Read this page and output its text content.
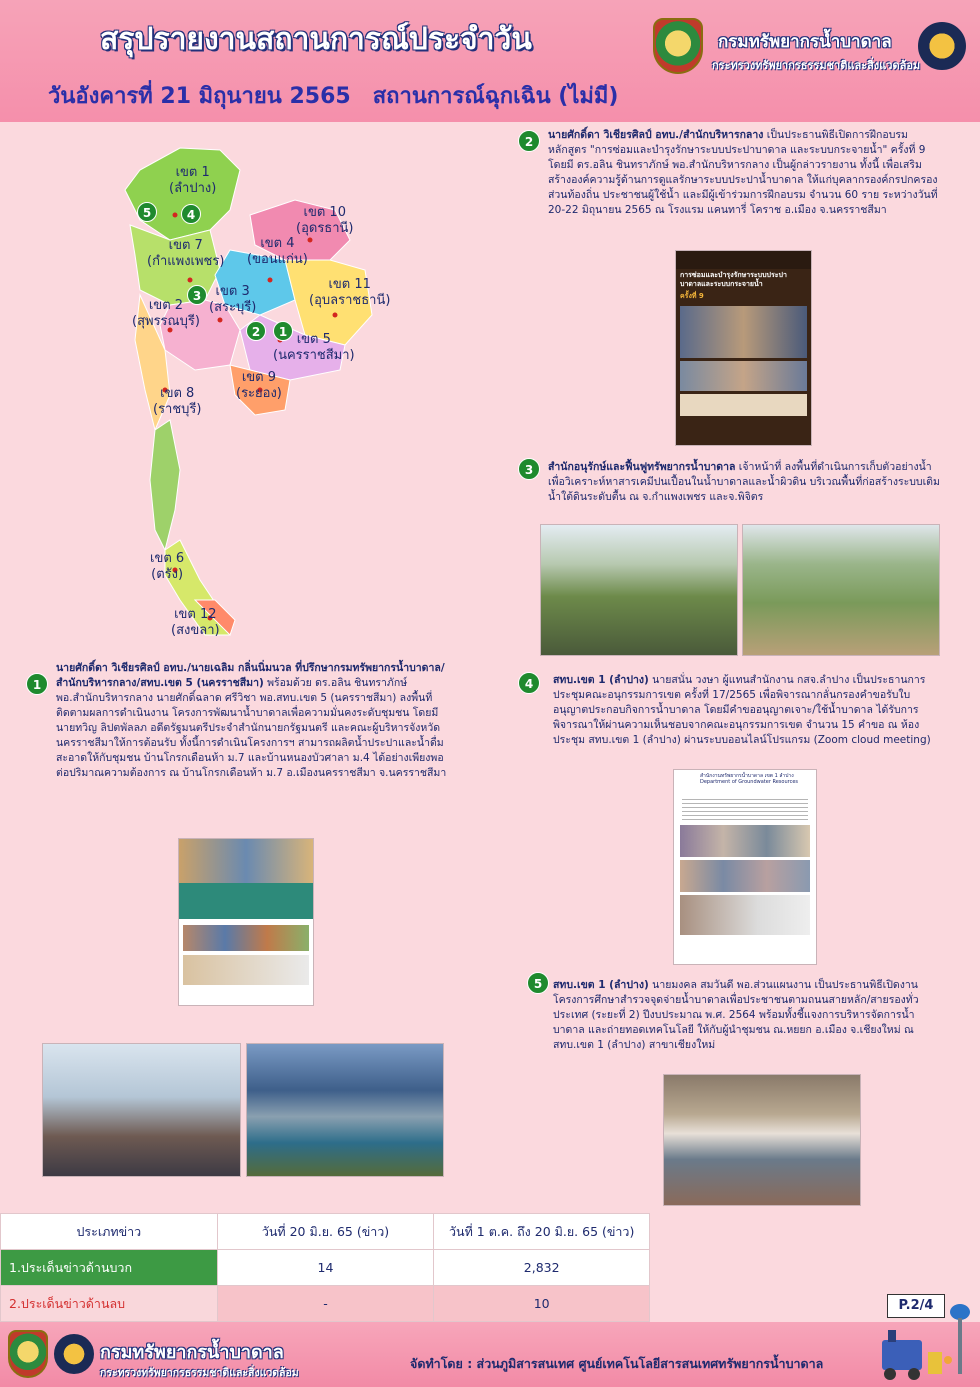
สรุปรายงานสถานการณ์ประจำวัน
วันอังคารที่ 21 มิถุนายน 2565 สถานการณ์ฉุกเฉิน (ไม่มี)
กรมทรัพยากรน้ำบาดาล
กระทรวงทรัพยากรธรรมชาติและสิ่งแวดล้อม
เขต 1
(ลำปาง)
เขต 10
(อุดรธานี)
เขต 7
(กำแพงเพชร)
เขต 4
(ขอนแก่น)
เขต 3
(สระบุรี)
เขต 11
(อุบลราชธานี)
เขต 2
(สุพรรณบุรี)
เขต 5
(นครราชสีมา)
เขต 9
(ระยอง)
เขต 8
(ราชบุรี)
เขต 6
(ตรัง)
เขต 12
(สงขลา)
5	4
3
2	1
1
นายศักดิ์ดา วิเชียรศิลป์ อทบ./นายเฉลิม กลิ่นนิ่มนวล ที่ปรึกษากรมทรัพยากรน้ำบาดาล/สำนักบริหารกลาง/สทบ.เขต 5 (นครราชสีมา) พร้อมด้วย ดร.อลิน ชินทราภักษ์ พอ.สำนักบริหารกลาง นายศักดิ์ฉลาด ศรีวิชา พอ.สทบ.เขต 5 (นครราชสีมา) ลงพื้นที่ ติดตามผลการดำเนินงาน โครงการพัฒนาน้ำบาดาลเพื่อความมั่นคงระดับชุมชน โดยมี นายทวิญ ลิปตพัลลภ อดีตรัฐมนตรีประจำสำนักนายกรัฐมนตรี และคณะผู้บริหารจังหวัดนครราชสีมาให้การต้อนรับ ทั้งนี้การดำเนินโครงการฯ สามารถผลิตน้ำประปาและน้ำดื่มสะอาดให้กับชุมชน บ้านโกรกเดือนห้า ม.7 และบ้านหนองบัวศาลา ม.4 ได้อย่างเพียงพอต่อปริมาณความต้องการ ณ บ้านโกรกเดือนห้า ม.7 อ.เมืองนครราชสีมา จ.นครราชสีมา
2	นายศักดิ์ดา วิเชียรศิลป์ อทบ./สำนักบริหารกลาง เป็นประธานพิธีเปิดการฝึกอบรมหลักสูตร "การซ่อมและบำรุงรักษาระบบประปาบาดาล และระบบกระจายน้ำ" ครั้งที่ 9 โดยมี ดร.อลิน ชินทราภักษ์ พอ.สำนักบริหารกลาง เป็นผู้กล่าวรายงาน ทั้งนี้ เพื่อเสริมสร้างองค์ความรู้ด้านการดูแลรักษาระบบประปาน้ำบาดาล ให้แก่บุคลากรองค์กรปกครองส่วนท้องถิ่น ประชาชนผู้ใช้น้ำ และมีผู้เข้าร่วมการฝึกอบรม จำนวน 60 ราย ระหว่างวันที่ 20-22 มิถุนายน 2565 ณ โรงแรม แคนทารี่ โคราช อ.เมือง จ.นครราชสีมา
การซ่อมและบำรุงรักษาระบบประปาบาดาลและระบบกระจายน้ำ
ครั้งที่ 9
3	สำนักอนุรักษ์และฟื้นฟูทรัพยากรน้ำบาดาล เจ้าหน้าที่ ลงพื้นที่ดำเนินการเก็บตัวอย่างน้ำเพื่อวิเคราะห์หาสารเคมีปนเปื้อนในน้ำบาดาลและน้ำผิวดิน บริเวณพื้นที่ก่อสร้างระบบเติมน้ำใต้ดินระดับตื้น ณ จ.กำแพงเพชร และจ.พิจิตร
4	สทบ.เขต 1 (ลำปาง) นายสนั่น วงษา ผู้แทนสำนักงาน กสจ.ลำปาง เป็นประธานการประชุมคณะอนุกรรมการเขต ครั้งที่ 17/2565 เพื่อพิจารณากลั่นกรองคำขอรับใบอนุญาตประกอบกิจการน้ำบาดาล โดยมีคำขออนุญาตเจาะ/ใช้น้ำบาดาล ได้รับการพิจารณาให้ผ่านความเห็นชอบจากคณะอนุกรรมการเขต จำนวน 15 คำขอ ณ ห้องประชุม สทบ.เขต 1 (ลำปาง) ผ่านระบบออนไลน์โปรแกรม (Zoom cloud meeting)
สำนักงานทรัพยากรน้ำบาดาล เขต 1 ลำปาง
Department of Groundwater Resources
5	สทบ.เขต 1 (ลำปาง) นายมงคล สมวันดี พอ.ส่วนแผนงาน เป็นประธานพิธีเปิดงานโครงการศึกษาสำรวจจุดจ่ายน้ำบาดาลเพื่อประชาชนตามถนนสายหลัก/สายรองทั่วประเทศ (ระยะที่ 2) ปีงบประมาณ พ.ศ. 2564 พร้อมทั้งชี้แจงการบริหารจัดการน้ำบาดาล และถ่ายทอดเทคโนโลยี ให้กับผู้นำชุมชน ณ.หยยก อ.เมือง จ.เชียงใหม่ ณ สทบ.เขต 1 (ลำปาง) สาขาเชียงใหม่
ประเภทข่าว	วันที่ 20 มิ.ย. 65 (ข่าว)	วันที่ 1 ต.ค. ถึง 20 มิ.ย. 65 (ข่าว)
1.ประเด็นข่าวด้านบวก	14	2,832
2.ประเด็นข่าวด้านลบ	-	10	P.2/4
กรมทรัพยากรน้ำบาดาล
กระทรวงทรัพยากรธรรมชาติและสิ่งแวดล้อม
จัดทำโดย : ส่วนภูมิสารสนเทศ ศูนย์เทคโนโลยีสารสนเทศทรัพยากรน้ำบาดาล
